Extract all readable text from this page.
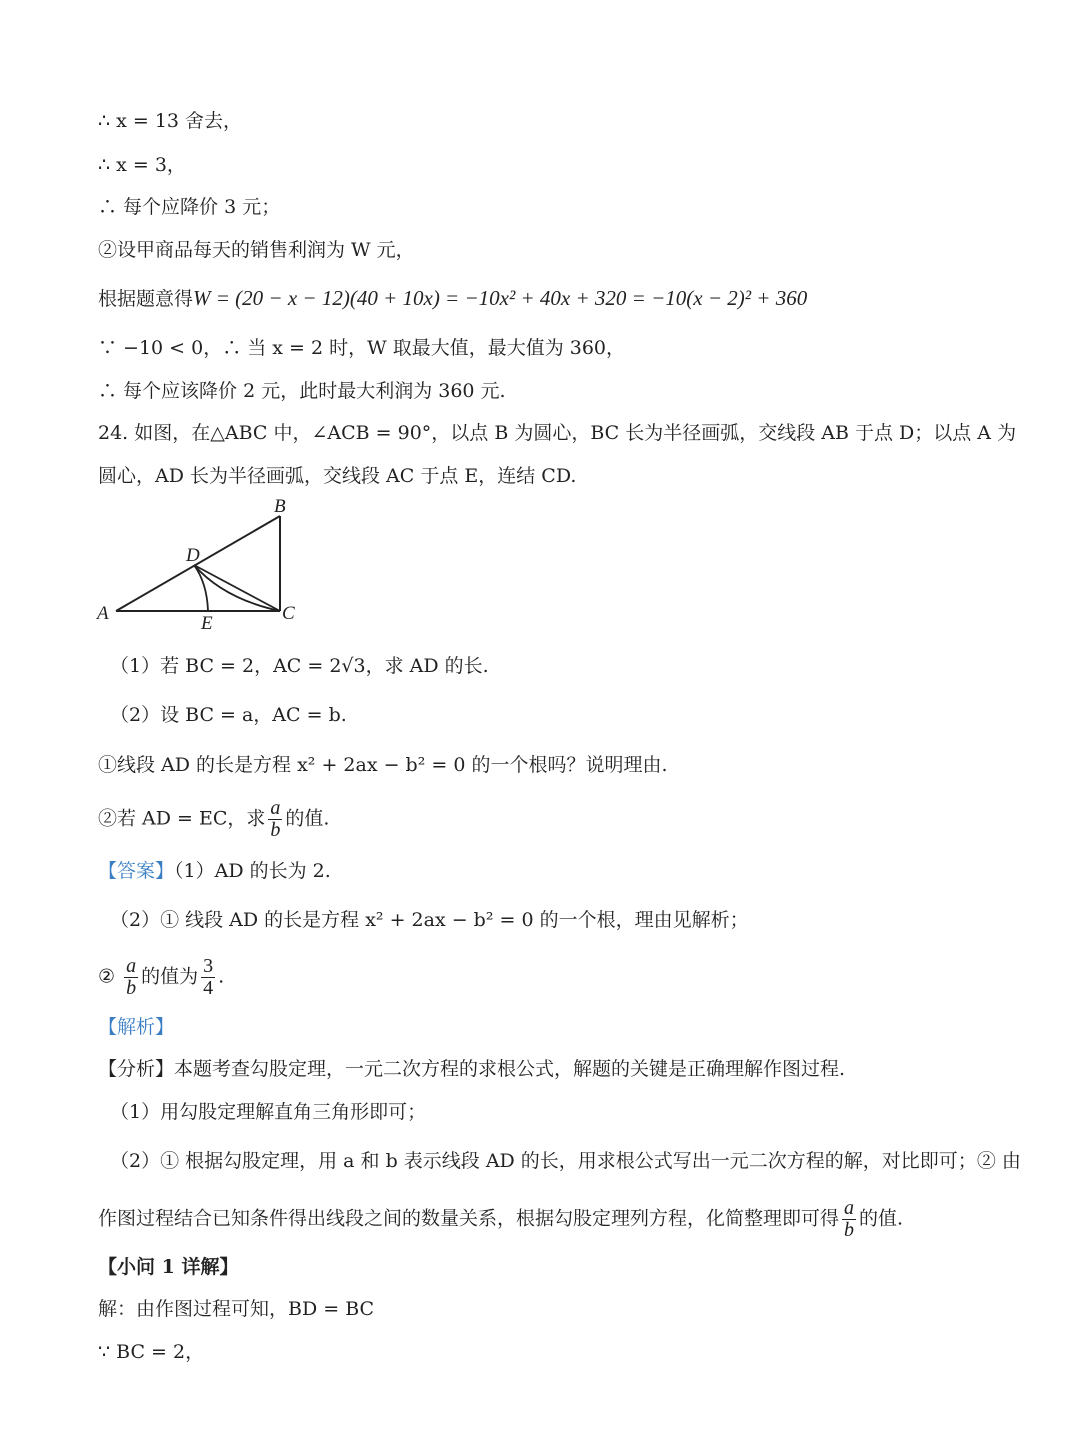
∴ x = 13 舍去，
∴ x = 3，
∴ 每个应降价 3 元；
②设甲商品每天的销售利润为 W 元，
根据题意得W = (20 − x − 12)(40 + 10x) = −10x² + 40x + 320 = −10(x − 2)² + 360
∵ −10 < 0，∴ 当 x = 2 时，W 取最大值，最大值为 360，
∴ 每个应该降价 2 元，此时最大利润为 360 元.
24. 如图，在△ABC 中，∠ACB = 90°，以点 B 为圆心，BC 长为半径画弧，交线段 AB 于点 D；以点 A 为
圆心，AD 长为半径画弧，交线段 AC 于点 E，连结 CD.
A
B
C
D
E
（1）若 BC = 2，AC = 2√3，求 AD 的长.
（2）设 BC = a，AC = b.
①线段 AD 的长是方程 x² + 2ax − b² = 0 的一个根吗？说明理由.
②若 AD = EC，求 $\frac{a}{b}$ 的值.
【答案】（1）AD 的长为 2.
（2）① 线段 AD 的长是方程 x² + 2ax − b² = 0 的一个根，理由见解析；
② $\frac{a}{b}$ 的值为 $\frac{3}{4}$ .
【解析】
【分析】本题考查勾股定理，一元二次方程的求根公式，解题的关键是正确理解作图过程.
（1）用勾股定理解直角三角形即可；
（2）① 根据勾股定理，用 a 和 b 表示线段 AD 的长，用求根公式写出一元二次方程的解，对比即可；② 由
作图过程结合已知条件得出线段之间的数量关系，根据勾股定理列方程，化简整理即可得 $\frac{a}{b}$ 的值.
【小问 1 详解】
解：由作图过程可知，BD = BC
∵ BC = 2，
